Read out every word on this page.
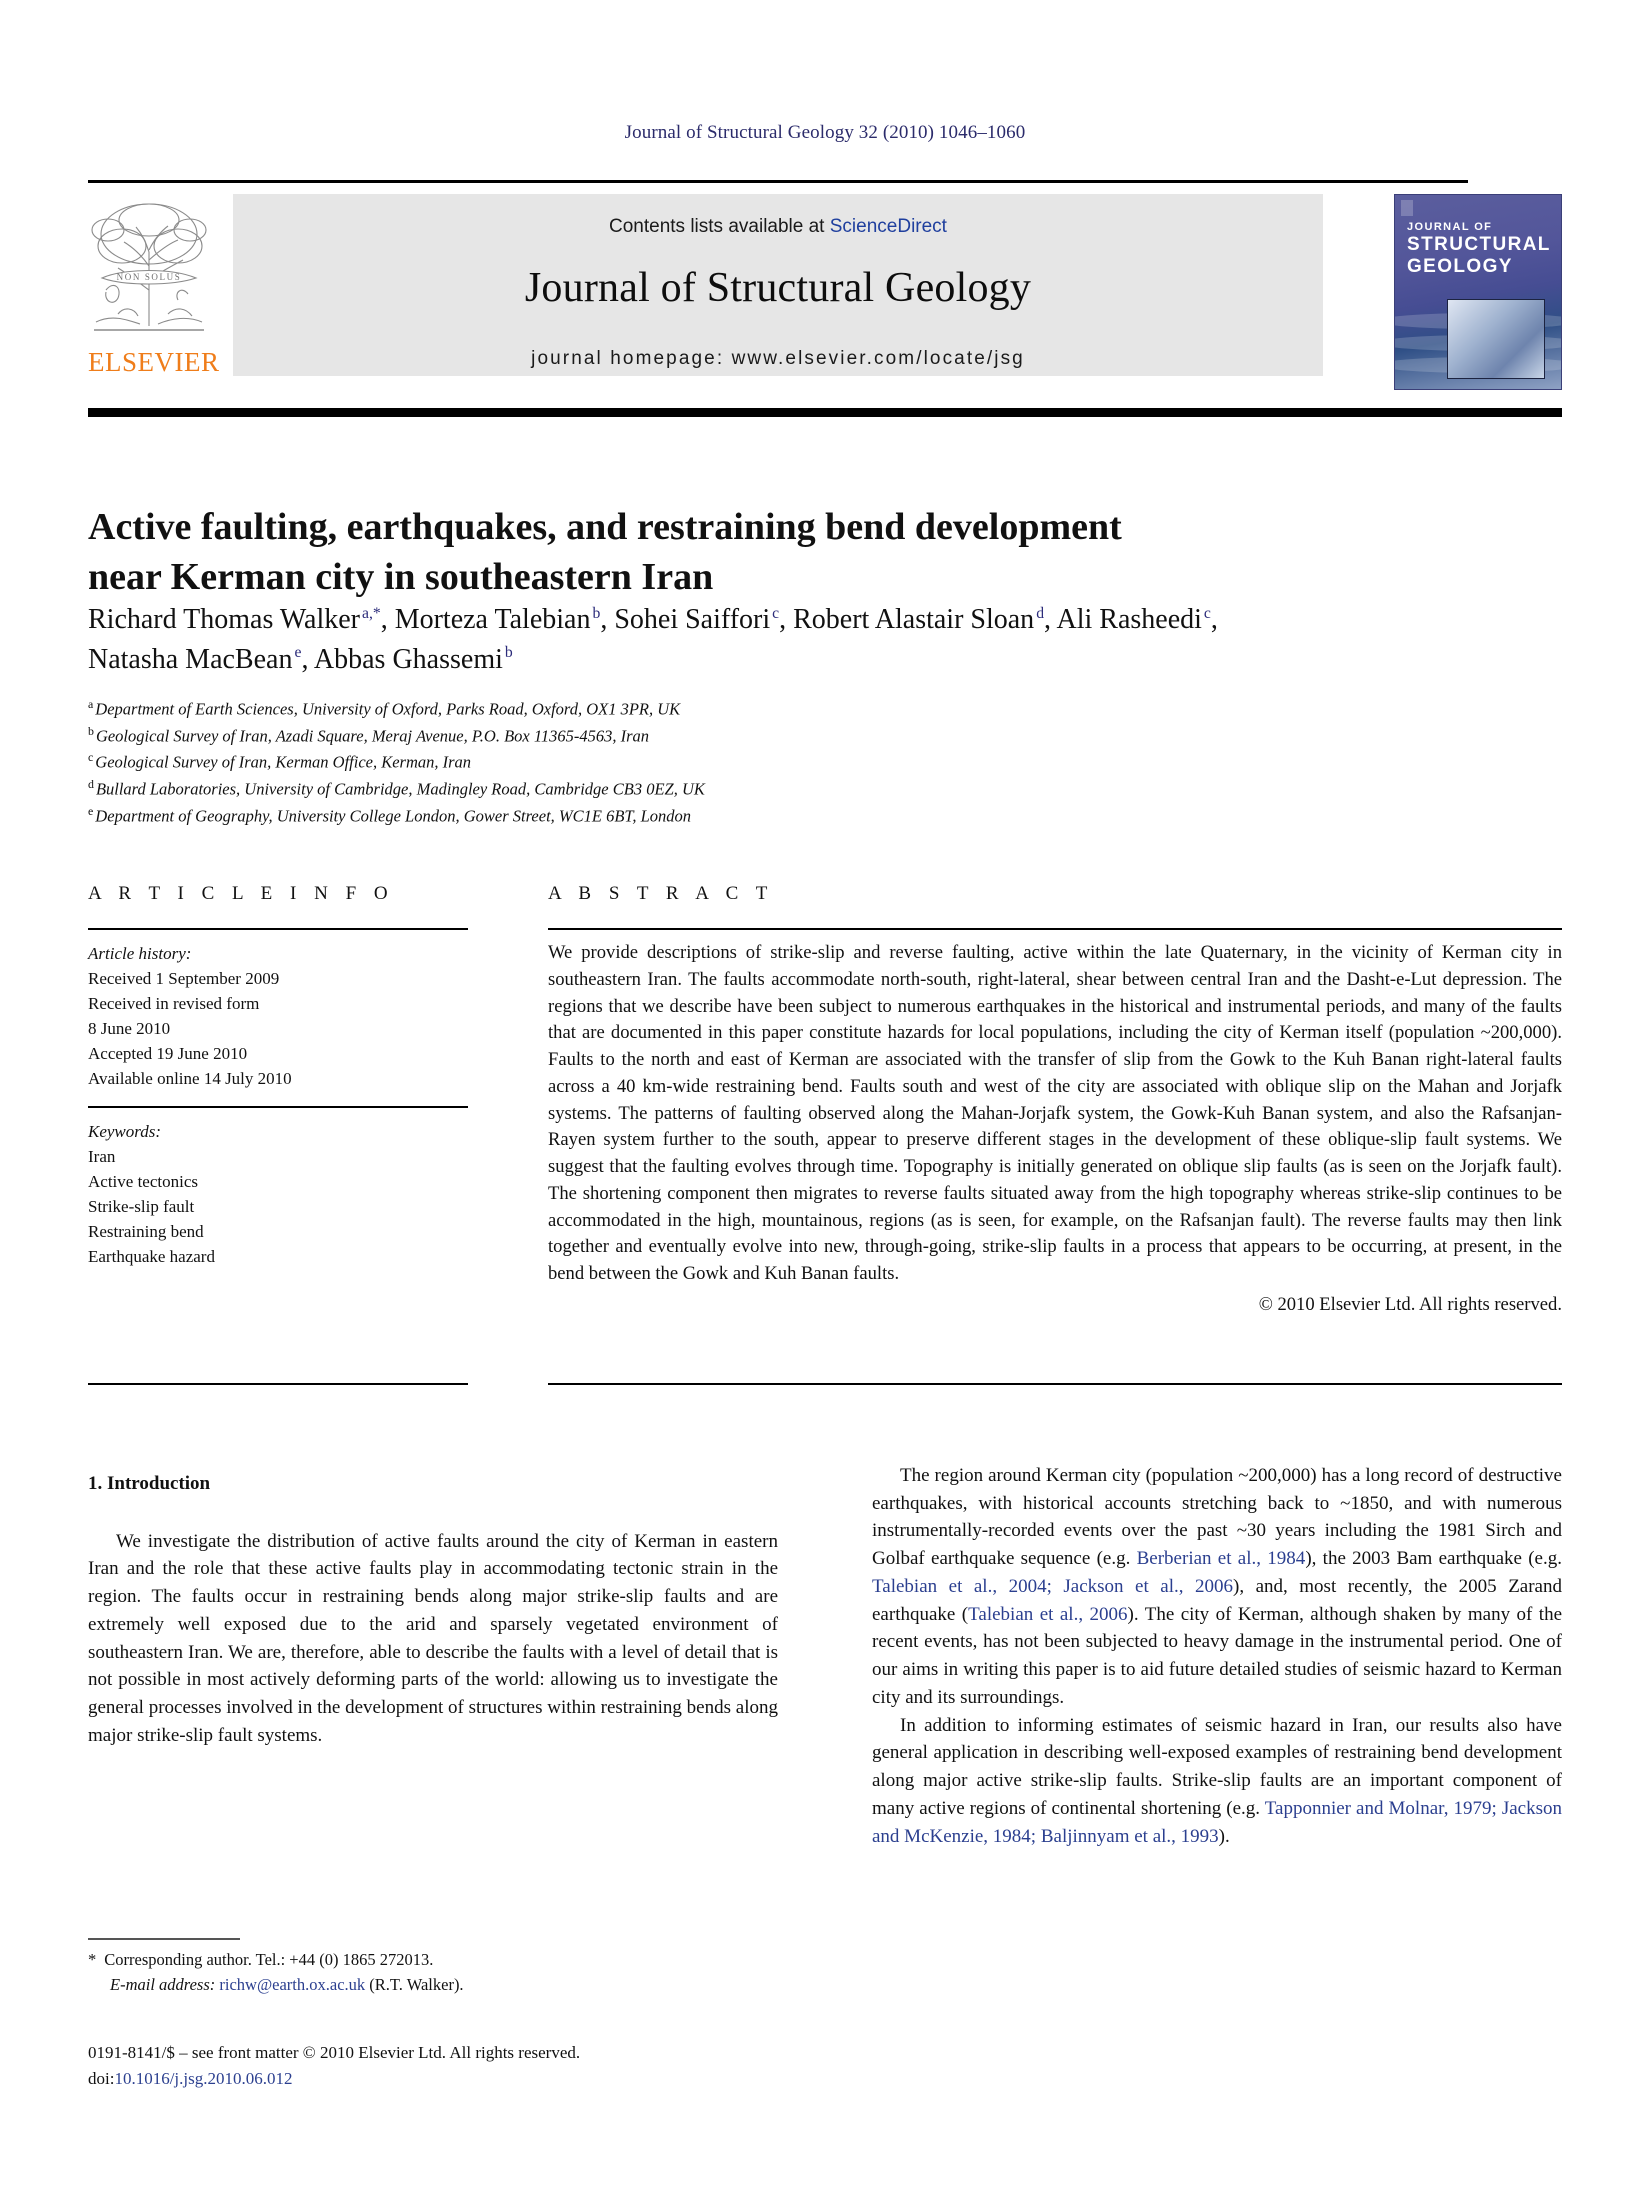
Journal of Structural Geology 32 (2010) 1046–1060
NON SOLUS
ELSEVIER
Contents lists available at ScienceDirect
Journal of Structural Geology
journal homepage: www.elsevier.com/locate/jsg
JOURNAL OF
STRUCTURAL
GEOLOGY
Active faulting, earthquakes, and restraining bend development
near Kerman city in southeastern Iran
Richard Thomas Walker $^{a,*}$, Morteza Talebian $^b$, Sohei Saiffori $^c$, Robert Alastair Sloan $^d$, Ali Rasheedi $^c$,
Natasha MacBean $^e$, Abbas Ghassemi $^b$
$^a$ Department of Earth Sciences, University of Oxford, Parks Road, Oxford, OX1 3PR, UK
$^b$ Geological Survey of Iran, Azadi Square, Meraj Avenue, P.O. Box 11365-4563, Iran
$^c$ Geological Survey of Iran, Kerman Office, Kerman, Iran
$^d$ Bullard Laboratories, University of Cambridge, Madingley Road, Cambridge CB3 0EZ, UK
$^e$ Department of Geography, University College London, Gower Street, WC1E 6BT, London
A R T I C L E I N F O	A B S T R A C T
Article history:
Received 1 September 2009
Received in revised form
8 June 2010
Accepted 19 June 2010
Available online 14 July 2010
Keywords:
Iran
Active tectonics
Strike-slip fault
Restraining bend
Earthquake hazard
We provide descriptions of strike-slip and reverse faulting, active within the late Quaternary, in the vicinity of Kerman city in southeastern Iran. The faults accommodate north-south, right-lateral, shear between central Iran and the Dasht-e-Lut depression. The regions that we describe have been subject to numerous earthquakes in the historical and instrumental periods, and many of the faults that are documented in this paper constitute hazards for local populations, including the city of Kerman itself (population ~200,000). Faults to the north and east of Kerman are associated with the transfer of slip from the Gowk to the Kuh Banan right-lateral faults across a 40 km-wide restraining bend. Faults south and west of the city are associated with oblique slip on the Mahan and Jorjafk systems. The patterns of faulting observed along the Mahan-Jorjafk system, the Gowk-Kuh Banan system, and also the Rafsanjan-Rayen system further to the south, appear to preserve different stages in the development of these oblique-slip fault systems. We suggest that the faulting evolves through time. Topography is initially generated on oblique slip faults (as is seen on the Jorjafk fault). The shortening component then migrates to reverse faults situated away from the high topography whereas strike-slip continues to be accommodated in the high, mountainous, regions (as is seen, for example, on the Rafsanjan fault). The reverse faults may then link together and eventually evolve into new, through-going, strike-slip faults in a process that appears to be occurring, at present, in the bend between the Gowk and Kuh Banan faults.
© 2010 Elsevier Ltd. All rights reserved.
1. Introduction

We investigate the distribution of active faults around the city of Kerman in eastern Iran and the role that these active faults play in accommodating tectonic strain in the region. The faults occur in restraining bends along major strike-slip faults and are extremely well exposed due to the arid and sparsely vegetated environment of southeastern Iran. We are, therefore, able to describe the faults with a level of detail that is not possible in most actively deforming parts of the world: allowing us to investigate the general processes involved in the development of structures within restraining bends along major strike-slip fault systems.

The region around Kerman city (population ~200,000) has a long record of destructive earthquakes, with historical accounts stretching back to ~1850, and with numerous instrumentally-recorded events over the past ~30 years including the 1981 Sirch and Golbaf earthquake sequence (e.g. Berberian et al., 1984), the 2003 Bam earthquake (e.g. Talebian et al., 2004; Jackson et al., 2006), and, most recently, the 2005 Zarand earthquake (Talebian et al., 2006). The city of Kerman, although shaken by many of the recent events, has not been subjected to heavy damage in the instrumental period. One of our aims in writing this paper is to aid future detailed studies of seismic hazard to Kerman city and its surroundings.

In addition to informing estimates of seismic hazard in Iran, our results also have general application in describing well-exposed examples of restraining bend development along major active strike-slip faults. Strike-slip faults are an important component of many active regions of continental shortening (e.g. Tapponnier and Molnar, 1979; Jackson and McKenzie, 1984; Baljinnyam et al., 1993).

* Corresponding author. Tel.: +44 (0) 1865 272013.
E-mail address: richw@earth.ox.ac.uk (R.T. Walker).
0191-8141/$ – see front matter © 2010 Elsevier Ltd. All rights reserved.
doi:10.1016/j.jsg.2010.06.012
